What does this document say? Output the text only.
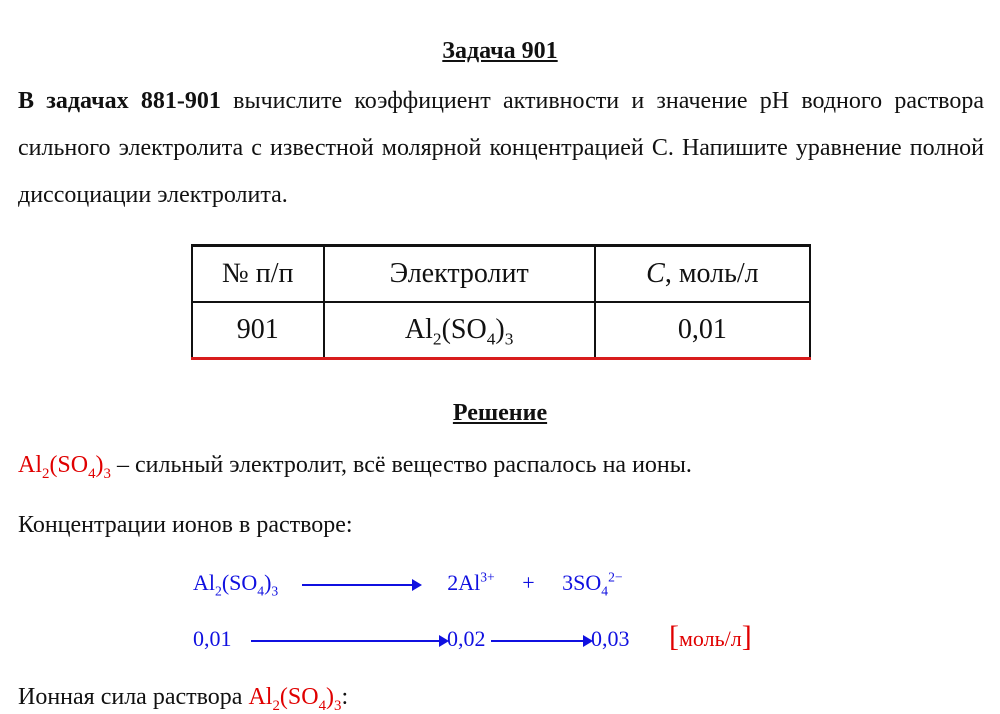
Задача 901
В задачах 881-901 вычислите коэффициент активности и значение pH водного раствора сильного электролита с известной молярной концентрацией С. Напишите уравнение полной диссоциации электролита.
№ п/п	Электролит	C, моль/л
901	$Al_2(SO_4)_3$	0,01
Решение
$Al_2(SO_4)_3$ – сильный электролит, всё вещество распалось на ионы.
Концентрации ионов в растворе:
$Al_2(SO_4)_3$	$2Al^{3+} + 3SO_4^{2-}$
0,01	0,02	0,03 [моль/л]
Ионная сила раствора $Al_2(SO_4)_3$:
